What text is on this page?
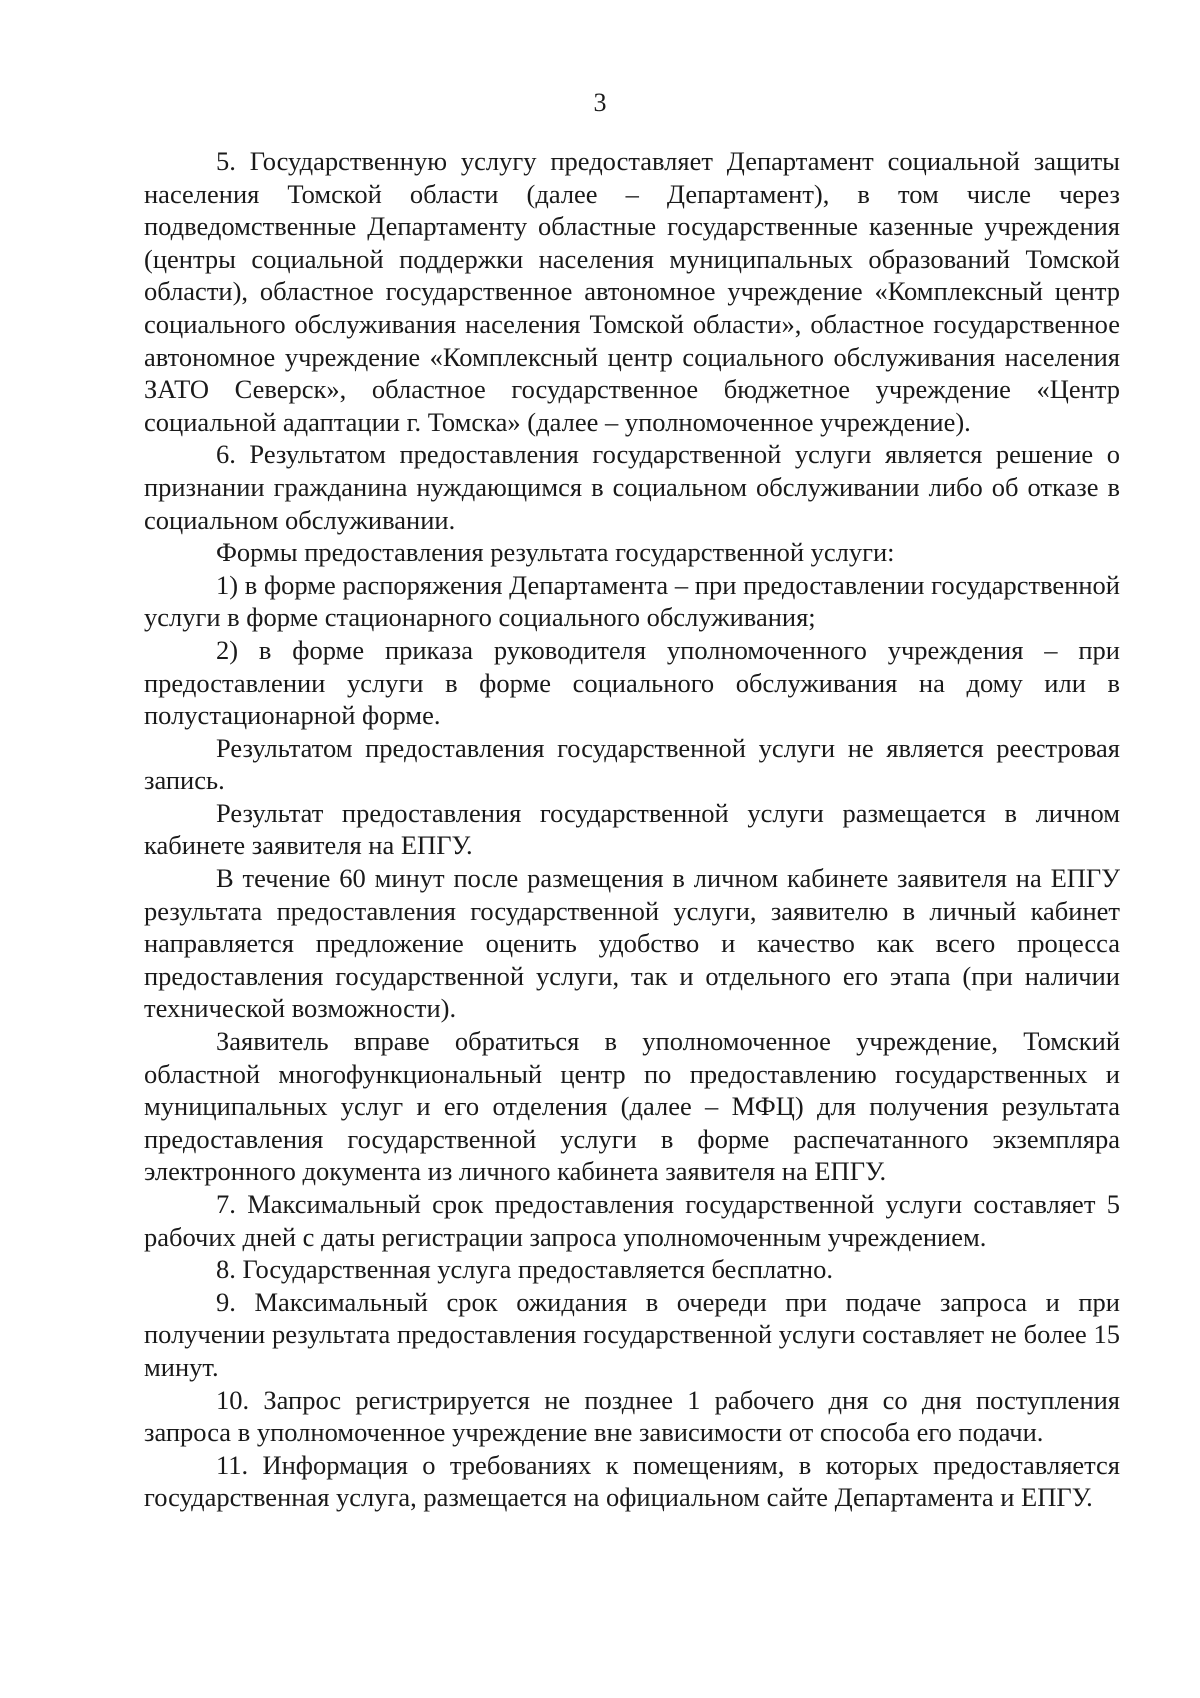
3

5. Государственную услугу предоставляет Департамент социальной защиты населения Томской области (далее – Департамент), в том числе через подведомственные Департаменту областные государственные казенные учреждения (центры социальной поддержки населения муниципальных образований Томской области), областное государственное автономное учреждение «Комплексный центр социального обслуживания населения Томской области», областное государственное автономное учреждение «Комплексный центр социального обслуживания населения ЗАТО Северск», областное государственное бюджетное учреждение «Центр социальной адаптации г. Томска» (далее – уполномоченное учреждение).

6. Результатом предоставления государственной услуги является решение о признании гражданина нуждающимся в социальном обслуживании либо об отказе в социальном обслуживании.

Формы предоставления результата государственной услуги:

1) в форме распоряжения Департамента – при предоставлении государственной услуги в форме стационарного социального обслуживания;

2) в форме приказа руководителя уполномоченного учреждения – при предоставлении услуги в форме социального обслуживания на дому или в полустационарной форме.

Результатом предоставления государственной услуги не является реестровая запись.

Результат предоставления государственной услуги размещается в личном кабинете заявителя на ЕПГУ.

В течение 60 минут после размещения в личном кабинете заявителя на ЕПГУ результата предоставления государственной услуги, заявителю в личный кабинет направляется предложение оценить удобство и качество как всего процесса предоставления государственной услуги, так и отдельного его этапа (при наличии технической возможности).

Заявитель вправе обратиться в уполномоченное учреждение, Томский областной многофункциональный центр по предоставлению государственных и муниципальных услуг и его отделения (далее – МФЦ) для получения результата предоставления государственной услуги в форме распечатанного экземпляра электронного документа из личного кабинета заявителя на ЕПГУ.

7. Максимальный срок предоставления государственной услуги составляет 5 рабочих дней с даты регистрации запроса уполномоченным учреждением.

8. Государственная услуга предоставляется бесплатно.

9. Максимальный срок ожидания в очереди при подаче запроса и при получении результата предоставления государственной услуги составляет не более 15 минут.

10. Запрос регистрируется не позднее 1 рабочего дня со дня поступления запроса в уполномоченное учреждение вне зависимости от способа его подачи.

11. Информация о требованиях к помещениям, в которых предоставляется государственная услуга, размещается на официальном сайте Департамента и ЕПГУ.
